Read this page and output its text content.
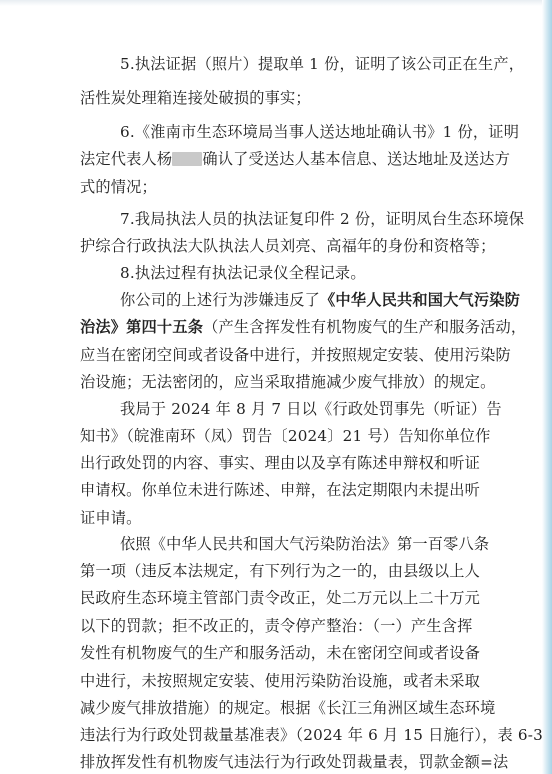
5.执法证据（照片）提取单 1 份，证明了该公司正在生产，
活性炭处理箱连接处破损的事实；
6.《淮南市生态环境局当事人送达地址确认书》1 份，证明
法定代表人杨 确认了受送达人基本信息、送达地址及送达方
式的情况；
7.我局执法人员的执法证复印件 2 份，证明凤台生态环境保
护综合行政执法大队执法人员刘亮、高福年的身份和资格等；
8.执法过程有执法记录仪全程记录。
你公司的上述行为涉嫌违反了《中华人民共和国大气污染防
治法》第四十五条（产生含挥发性有机物废气的生产和服务活动，
应当在密闭空间或者设备中进行，并按照规定安装、使用污染防
治设施；无法密闭的，应当采取措施减少废气排放）的规定。
我局于 2024 年 8 月 7 日以《行政处罚事先（听证）告
知书》（皖淮南环（凤）罚告〔2024〕21 号）告知你单位作
出行政处罚的内容、事实、理由以及享有陈述申辩权和听证
申请权。你单位未进行陈述、申辩，在法定期限内未提出听
证申请。
依照《中华人民共和国大气污染防治法》第一百零八条
第一项（违反本法规定，有下列行为之一的，由县级以上人
民政府生态环境主管部门责令改正，处二万元以上二十万元
以下的罚款；拒不改正的，责令停产整治：（一）产生含挥
发性有机物废气的生产和服务活动，未在密闭空间或者设备
中进行，未按照规定安装、使用污染防治设施，或者未采取
减少废气排放措施）的规定。根据《长江三角洲区域生态环境
违法行为行政处罚裁量基准表》（2024 年 6 月 15 日施行），表 6-3
排放挥发性有机物废气违法行为行政处罚裁量表，罚款金额=法
